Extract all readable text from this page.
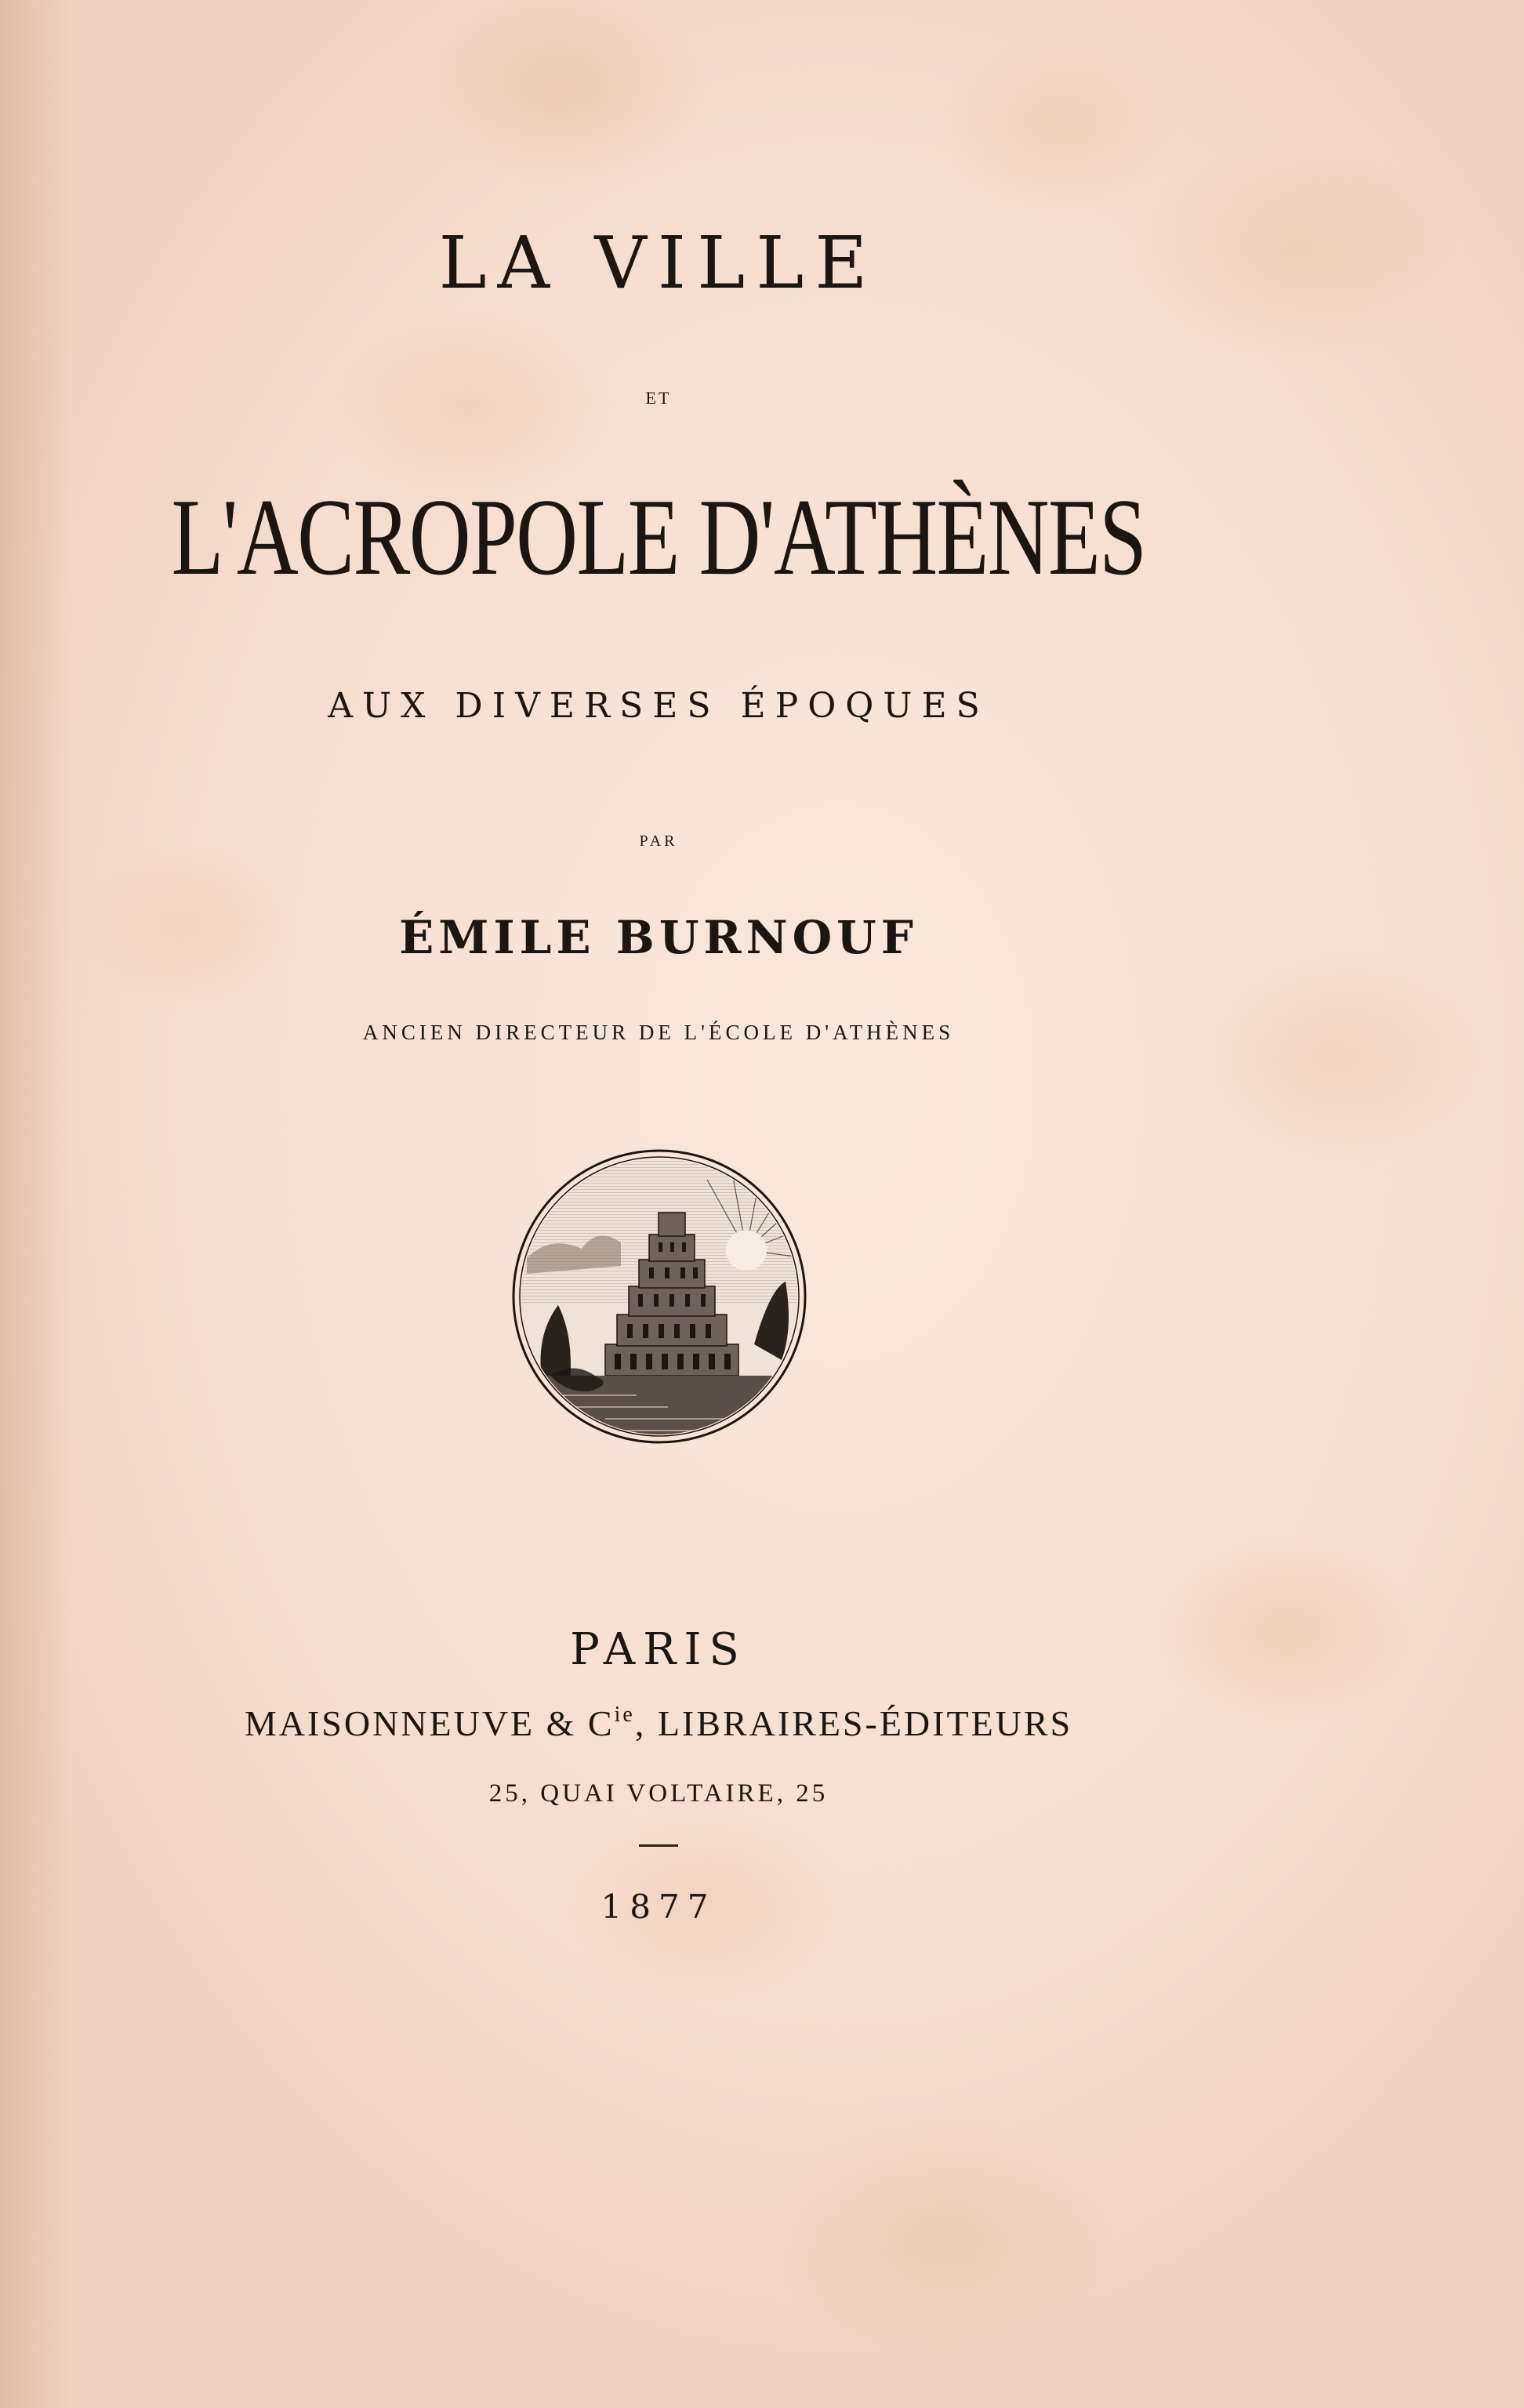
LA VILLE

ET

L'ACROPOLE D'ATHÈNES

AUX DIVERSES ÉPOQUES

PAR

ÉMILE BURNOUF

ANCIEN DIRECTEUR DE L'ÉCOLE D'ATHÈNES

PARIS

MAISONNEUVE & $C^{ie}$, LIBRAIRES-ÉDITEURS

25, QUAI VOLTAIRE, 25

1877
